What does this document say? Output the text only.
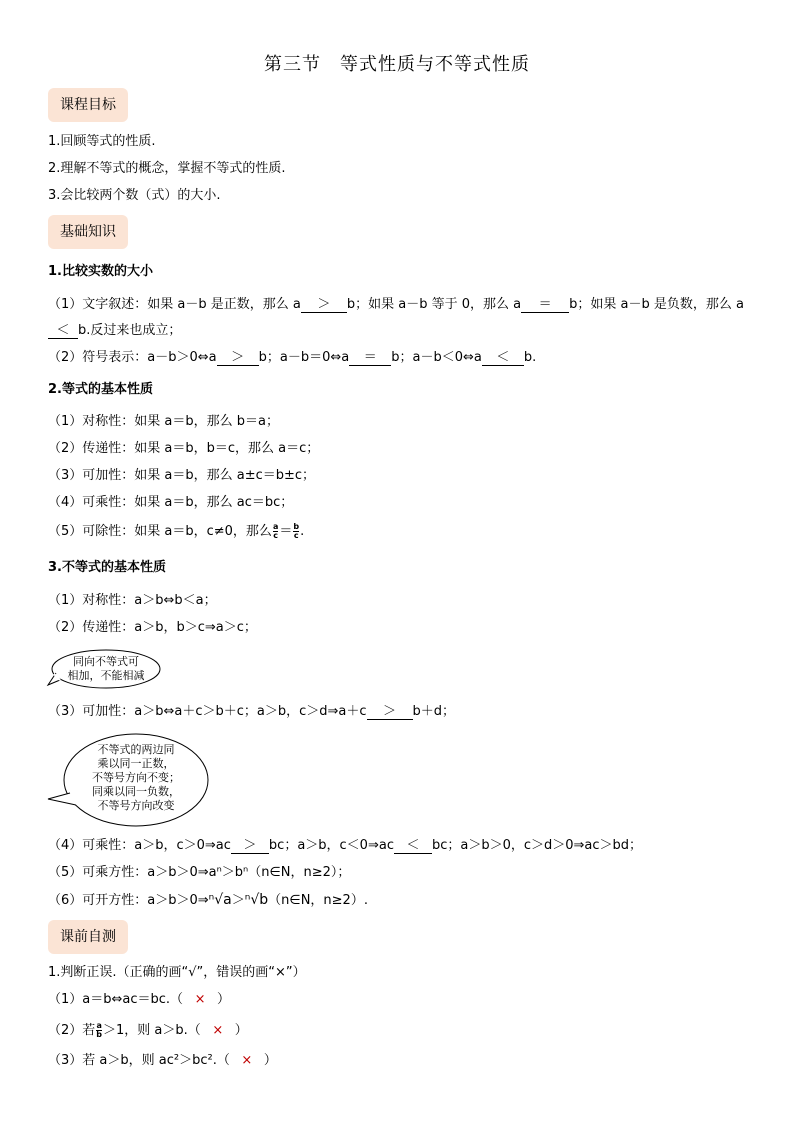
第三节　等式性质与不等式性质
课程目标
1.回顾等式的性质.
2.理解不等式的概念，掌握不等式的性质.
3.会比较两个数（式）的大小.
基础知识
1.比较实数的大小
（1）文字叙述：如果 a－b 是正数，那么 a ＞ b；如果 a－b 等于 0，那么 a ＝ b；如果 a－b 是负数，那么 a
＜ b.反过来也成立；
（2）符号表示：a－b＞0⇔a ＞ b；a－b＝0⇔a ＝ b；a－b＜0⇔a ＜ b.
2.等式的基本性质
（1）对称性：如果 a＝b，那么 b＝a；
（2）传递性：如果 a＝b，b＝c，那么 a＝c；
（3）可加性：如果 a＝b，那么 a±c＝b±c；
（4）可乘性：如果 a＝b，那么 ac＝bc；
（5）可除性：如果 a＝b，c≠0，那么 $\frac{a}{c} = \frac{b}{c}$ .
3.不等式的基本性质
（1）对称性：a＞b⇔b＜a；
（2）传递性：a＞b，b＞c⇒a＞c；
同向不等式可
相加，不能相减
（3）可加性：a＞b⇔a＋c＞b＋c；a＞b，c＞d⇒a＋c ＞ b＋d；
不等式的两边同
乘以同一正数，
不等号方向不变；
同乘以同一负数，
不等号方向改变
（4）可乘性：a＞b，c＞0⇒ac ＞ bc；a＞b，c＜0⇒ac ＜ bc；a＞b＞0，c＞d＞0⇒ac＞bd；
（5）可乘方性：a＞b＞0⇒aⁿ＞bⁿ（n∈N，n≥2）；
（6）可开方性：a＞b＞0⇒ⁿ√a＞ⁿ√b（n∈N，n≥2）.
课前自测
1.判断正误.（正确的画“√”，错误的画“×”）
（1）a＝b⇔ac＝bc.（ × ）
（2）若 $\frac{a}{b} >1$，则 a＞b.（ × ）
（3）若 a＞b，则 ac²＞bc².（ × ）
